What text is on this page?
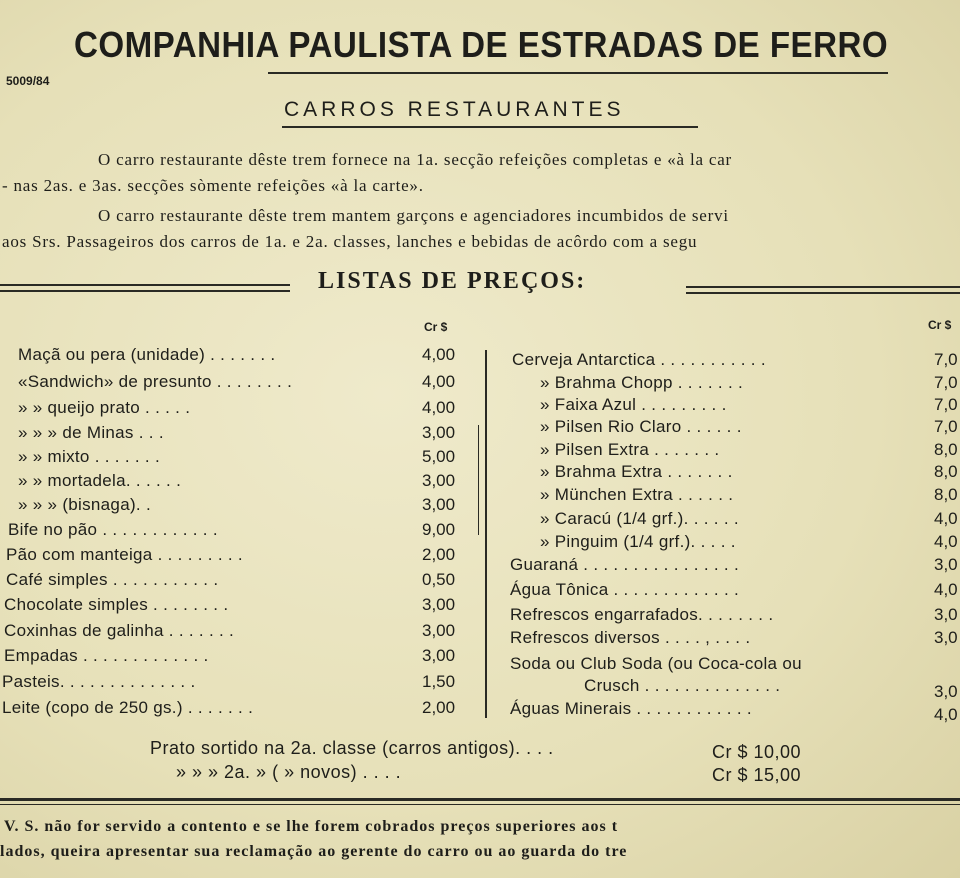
COMPANHIA PAULISTA DE ESTRADAS DE FERRO
5009/84
CARROS RESTAURANTES
O carro restaurante dêste trem fornece na 1a. secção refeições completas e «à la car
- nas 2as. e 3as. secções sòmente refeições «à la carte».
O carro restaurante dêste trem mantem garçons e agenciadores incumbidos de servi
aos Srs. Passageiros dos carros de 1a. e 2a. classes, lanches e bebidas de acôrdo com a segu
LISTAS DE PREÇOS:
Cr $	Cr $
Maçã ou pera (unidade) . . . . . . .	4,00
«Sandwich» de presunto . . . . . . . .	4,00
» » queijo prato . . . . .	4,00
» » » de Minas . . .	3,00
» » mixto . . . . . . .	5,00
» » mortadela. . . . . .	3,00
» » » (bisnaga). .	3,00
Bife no pão . . . . . . . . . . . .	9,00
Pão com manteiga . . . . . . . . .	2,00
Café simples . . . . . . . . . . .	0,50
Chocolate simples . . . . . . . .	3,00
Coxinhas de galinha . . . . . . .	3,00
Empadas . . . . . . . . . . . . .	3,00
Pasteis. . . . . . . . . . . . . .	1,50
Leite (copo de 250 gs.) . . . . . . .	2,00
Cerveja Antarctica . . . . . . . . . . .	7,0
» Brahma Chopp . . . . . . .	7,0
» Faixa Azul . . . . . . . . .	7,0
» Pilsen Rio Claro . . . . . .	7,0
» Pilsen Extra . . . . . . .	8,0
» Brahma Extra . . . . . . .	8,0
» München Extra . . . . . .	8,0
» Caracú (1/4 grf.). . . . . .	4,0
» Pinguim (1/4 grf.). . . . .	4,0
Guaraná . . . . . . . . . . . . . . . .	3,0
Água Tônica . . . . . . . . . . . . .	4,0
Refrescos engarrafados. . . . . . . .	3,0
Refrescos diversos . . . . , . . . .	3,0
Soda ou Club Soda (ou Coca-cola ou
Crusch . . . . . . . . . . . . . .	3,0
Águas Minerais . . . . . . . . . . . .	4,0
Prato sortido na 2a. classe (carros antigos). . . .	Cr $ 10,00
» » » 2a. » ( » novos) . . . .	Cr $ 15,00
V. S. não for servido a contento e se lhe forem cobrados preços superiores aos t
lados, queira apresentar sua reclamação ao gerente do carro ou ao guarda do tre
